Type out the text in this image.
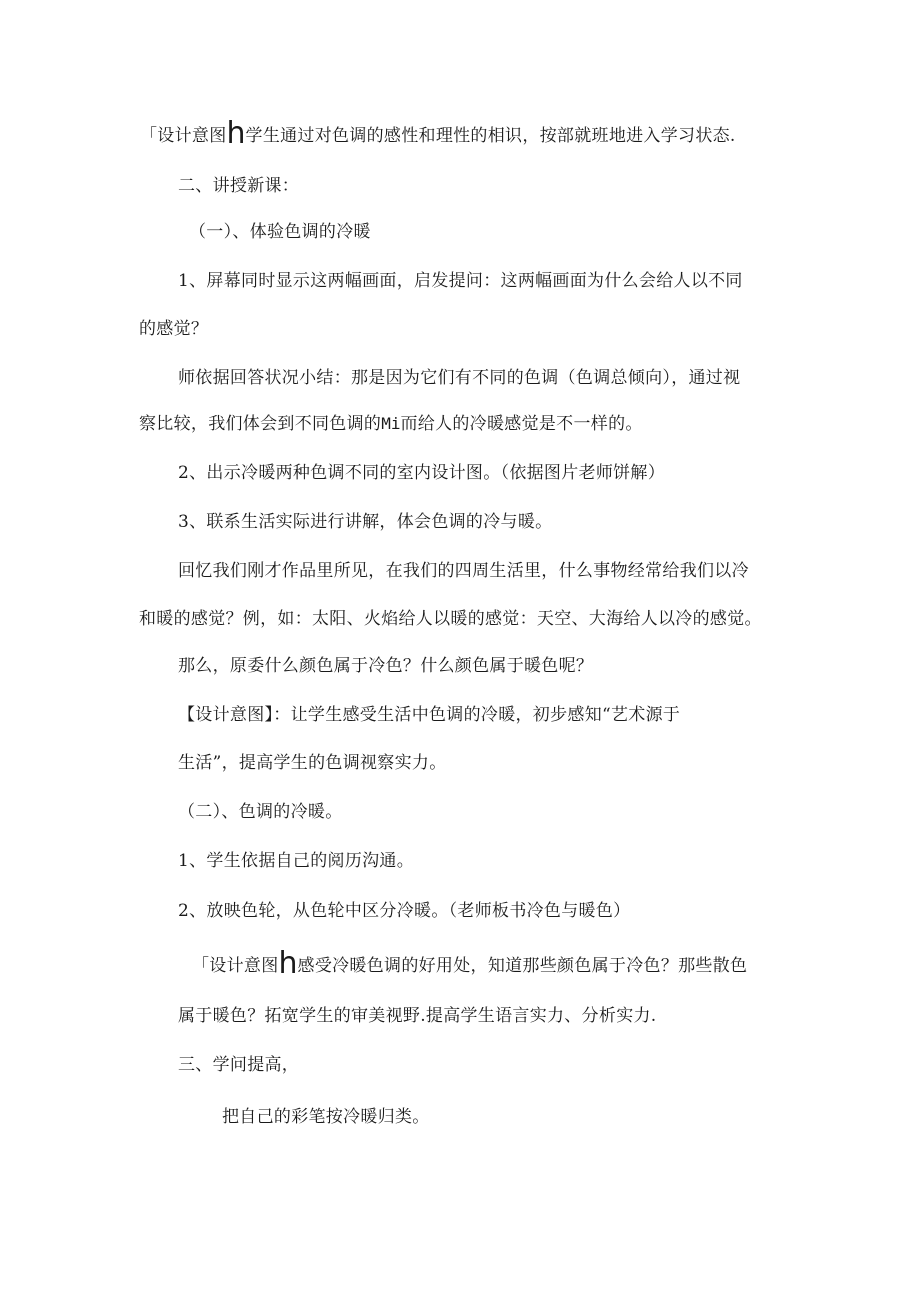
「设计意图h学生通过对色调的感性和理性的相识，按部就班地进入学习状态.
二、讲授新课：
（一）、体验色调的冷暖
1、屏幕同时显示这两幅画面，启发提问：这两幅画面为什么会给人以不同
的感觉？
师依据回答状况小结：那是因为它们有不同的色调（色调总倾向），通过视
察比较，我们体会到不同色调的Mi而给人的冷暖感觉是不一样的。
2、出示冷暖两种色调不同的室内设计图。（依据图片老师饼解）
3、联系生活实际进行讲解，体会色调的冷与暖。
回忆我们刚才作品里所见，在我们的四周生活里，什么事物经常给我们以冷
和暖的感觉？例，如：太阳、火焰给人以暖的感觉：天空、大海给人以冷的感觉。
那么，原委什么颜色属于冷色？什么颜色属于暖色呢？
【设计意图】：让学生感受生活中色调的冷暖，初步感知“艺术源于
生活”，提高学生的色调视察实力。
（二）、色调的冷暖。
1、学生依据自己的阅历沟通。
2、放映色轮，从色轮中区分冷暖。（老师板书冷色与暖色）
「设计意图h感受冷暖色调的好用处，知道那些颜色属于冷色？那些散色
属于暖色？拓宽学生的审美视野.提高学生语言实力、分析实力.
三、学问提高，
把自己的彩笔按冷暖归类。
